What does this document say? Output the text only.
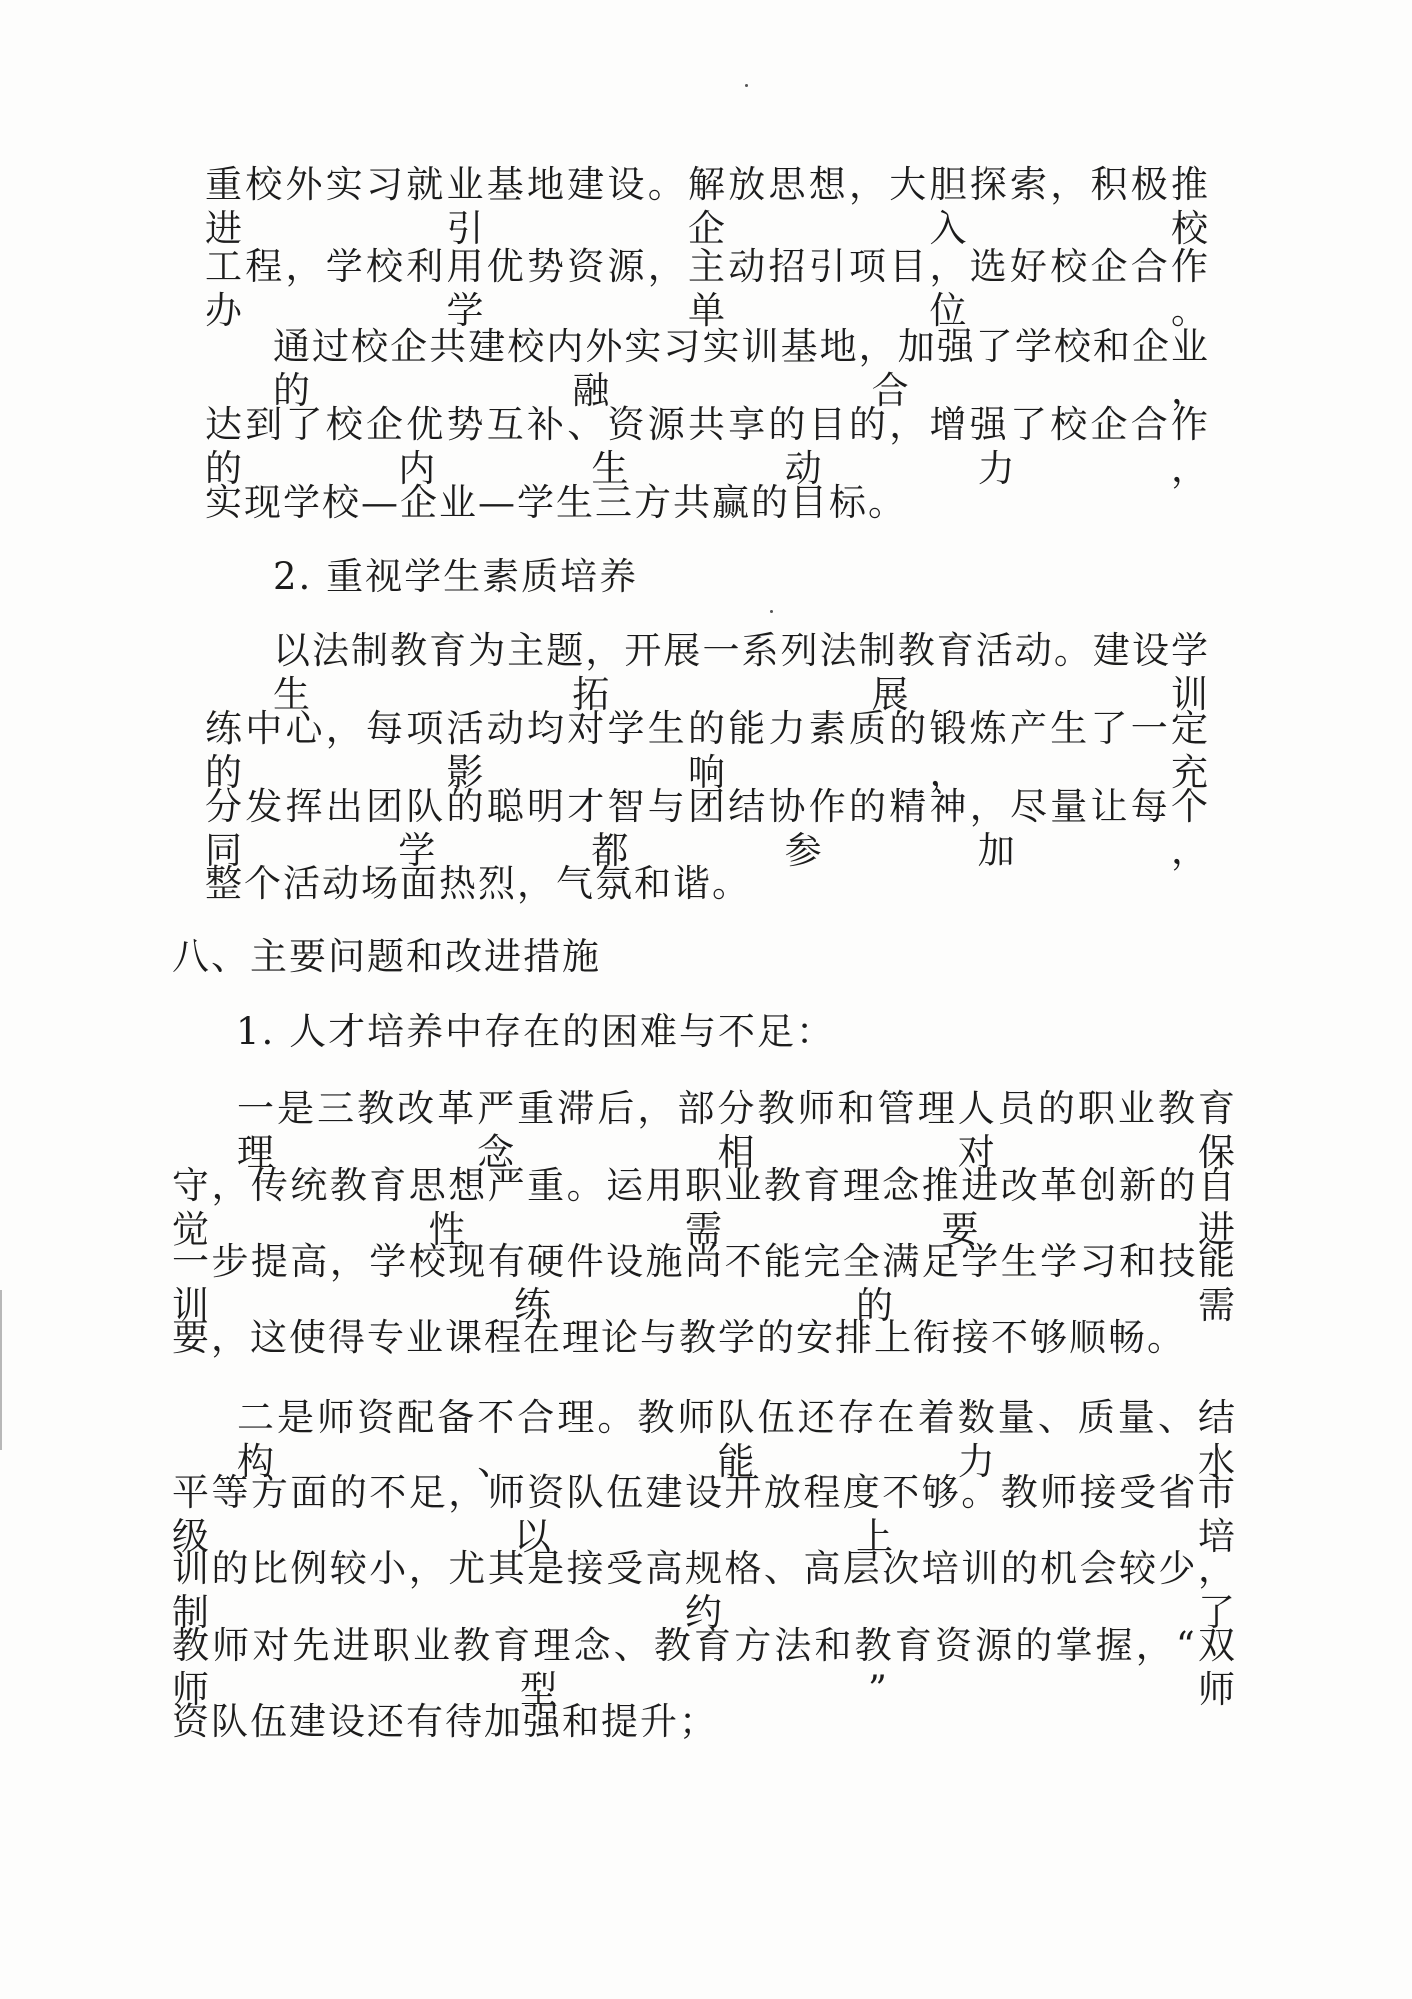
重校外实习就业基地建设。解放思想，大胆探索，积极推进引企入校
工程，学校利用优势资源，主动招引项目，选好校企合作办学单位。
通过校企共建校内外实习实训基地，加强了学校和企业的融合，
达到了校企优势互补、资源共享的目的，增强了校企合作的内生动力，
实现学校—企业—学生三方共赢的目标。
2. 重视学生素质培养
以法制教育为主题，开展一系列法制教育活动。建设学生拓展训
练中心，每项活动均对学生的能力素质的锻炼产生了一定的影响，充
分发挥出团队的聪明才智与团结协作的精神，尽量让每个同学都参加，
整个活动场面热烈，气氛和谐。
八、主要问题和改进措施
1. 人才培养中存在的困难与不足：
一是三教改革严重滞后，部分教师和管理人员的职业教育理念相对保
守，传统教育思想严重。运用职业教育理念推进改革创新的自觉性需要进
一步提高，学校现有硬件设施尚不能完全满足学生学习和技能训练的需
要，这使得专业课程在理论与教学的安排上衔接不够顺畅。
二是师资配备不合理。教师队伍还存在着数量、质量、结构、能力水
平等方面的不足，师资队伍建设开放程度不够。教师接受省市级以上培
训的比例较小，尤其是接受高规格、高层次培训的机会较少，制约了
教师对先进职业教育理念、教育方法和教育资源的掌握，“双师型”师
资队伍建设还有待加强和提升；
